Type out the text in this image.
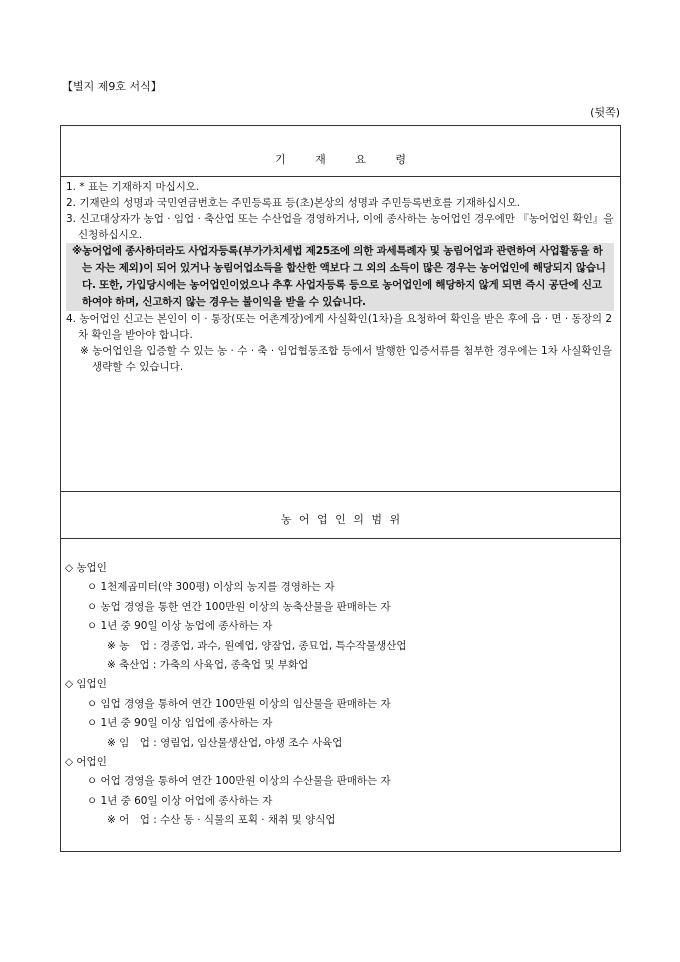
【별지 제9호 서식】
(뒷쪽)
기 재 요 령

1. * 표는 기재하지 마십시오.

2. 기재란의 성명과 국민연금번호는 주민등록표 등(초)본상의 성명과 주민등록번호를 기재하십시오.

3. 신고대상자가 농업 · 임업 · 축산업 또는 수산업을 경영하거나, 이에 종사하는 농어업인 경우에만 『농어업인 확인』을 신청하십시오.

※농어업에 종사하더라도 사업자등록(부가가치세법 제25조에 의한 과세특례자 및 농림어업과 관련하여 사업활동을 하는 자는 제외)이 되어 있거나 농림어업소득을 합산한 액보다 그 외의 소득이 많은 경우는 농어업인에 해당되지 않습니다. 또한, 가입당시에는 농어업인이었으나 추후 사업자등록 등으로 농어업인에 해당하지 않게 되면 즉시 공단에 신고하여야 하며, 신고하지 않는 경우는 불이익을 받을 수 있습니다.

4. 농어업인 신고는 본인이 이 · 통장(또는 어촌계장)에게 사실확인(1차)을 요청하여 확인을 받은 후에 읍 · 면 · 동장의 2차 확인을 받아야 합니다.

※ 농어업인을 입증할 수 있는 농 · 수 · 축 · 임업협동조합 등에서 발행한 입증서류를 첨부한 경우에는 1차 사실확인을 생략할 수 있습니다.

농 어 업 인 의 범 위

◇ 농업인

ㅇ 1천제곱미터(약 300평) 이상의 농지를 경영하는 자

ㅇ 농업 경영을 통한 연간 100만원 이상의 농축산물을 판매하는 자

ㅇ 1년 중 90일 이상 농업에 종사하는 자

※ 농　업 : 경종업, 과수, 원예업, 양잠업, 종묘업, 특수작물생산업

※ 축산업 : 가축의 사육업, 종축업 및 부화업

◇ 임업인

ㅇ 임업 경영을 통하여 연간 100만원 이상의 임산물을 판매하는 자

ㅇ 1년 중 90일 이상 임업에 종사하는 자

※ 임　업 : 영림업, 임산물생산업, 야생 조수 사육업

◇ 어업인

ㅇ 어업 경영을 통하여 연간 100만원 이상의 수산물을 판매하는 자

ㅇ 1년 중 60일 이상 어업에 종사하는 자

※ 어　업 : 수산 동 · 식물의 포획 · 채취 및 양식업
